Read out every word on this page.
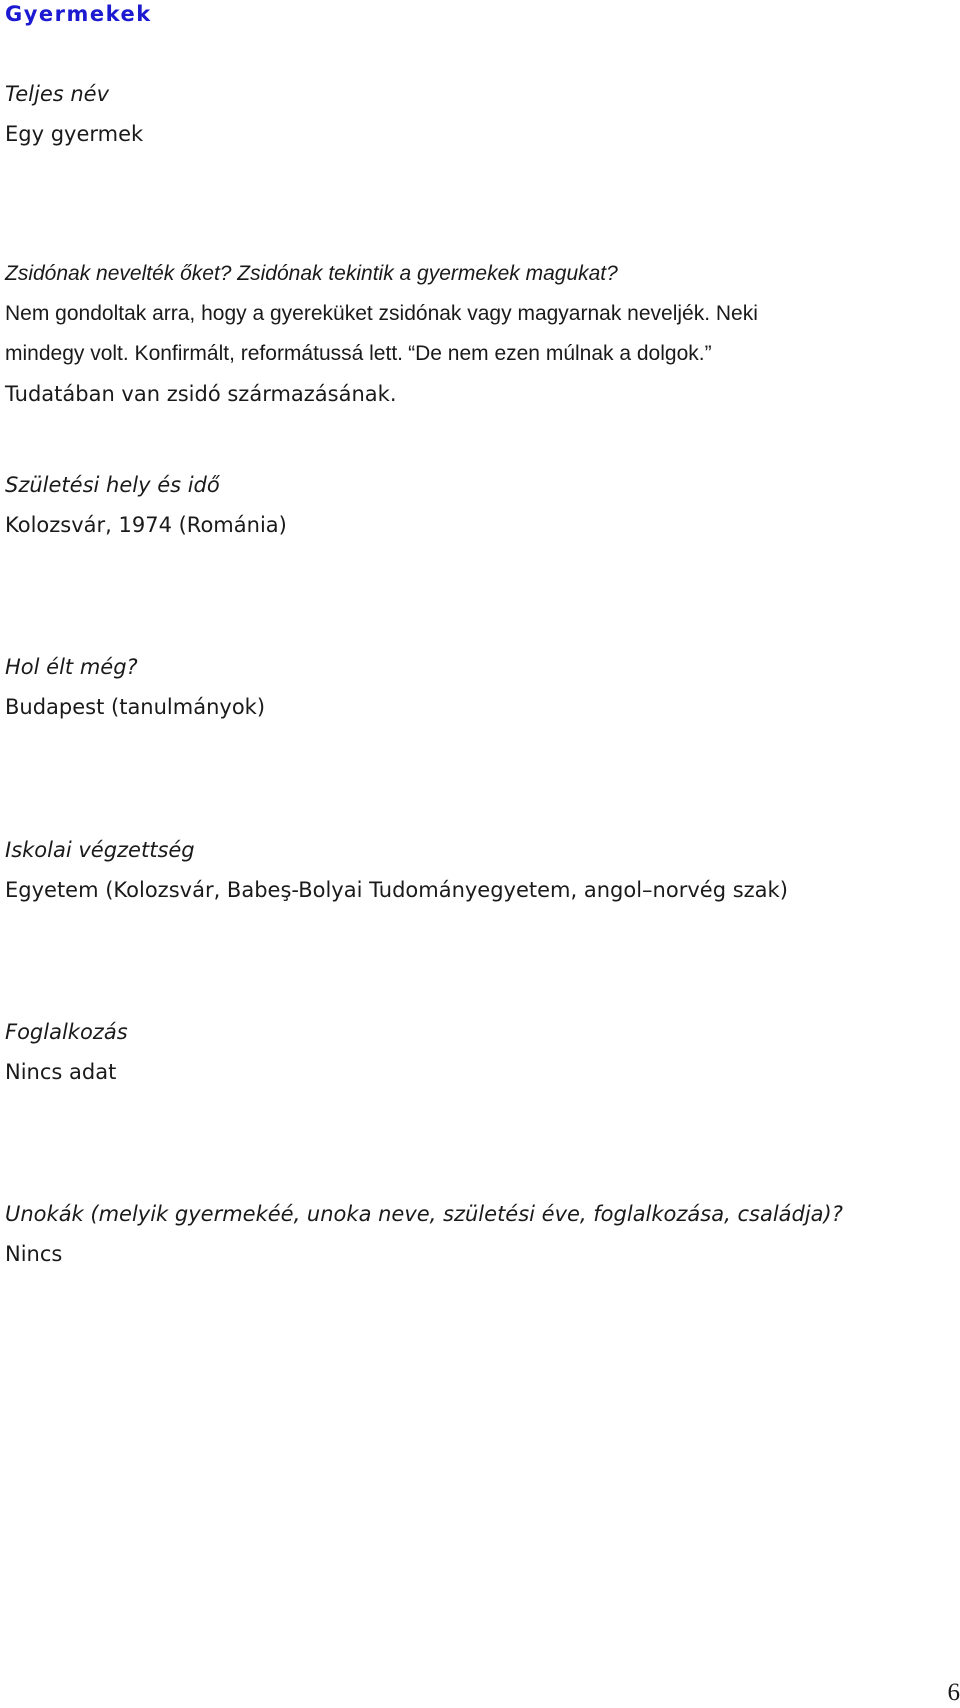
Gyermekek
Teljes név
Egy gyermek
Zsidónak nevelték őket? Zsidónak tekintik a gyermekek magukat?
Nem gondoltak arra, hogy a gyereküket zsidónak vagy magyarnak neveljék. Neki
mindegy volt. Konfirmált, reformátussá lett. “De nem ezen múlnak a dolgok.”
Tudatában van zsidó származásának.
Születési hely és idő
Kolozsvár, 1974 (Románia)
Hol élt még?
Budapest (tanulmányok)
Iskolai végzettség
Egyetem (Kolozsvár, Babeş-Bolyai Tudományegyetem, angol–norvég szak)
Foglalkozás
Nincs adat
Unokák (melyik gyermekéé, unoka neve, születési éve, foglalkozása, családja)?
Nincs
6
